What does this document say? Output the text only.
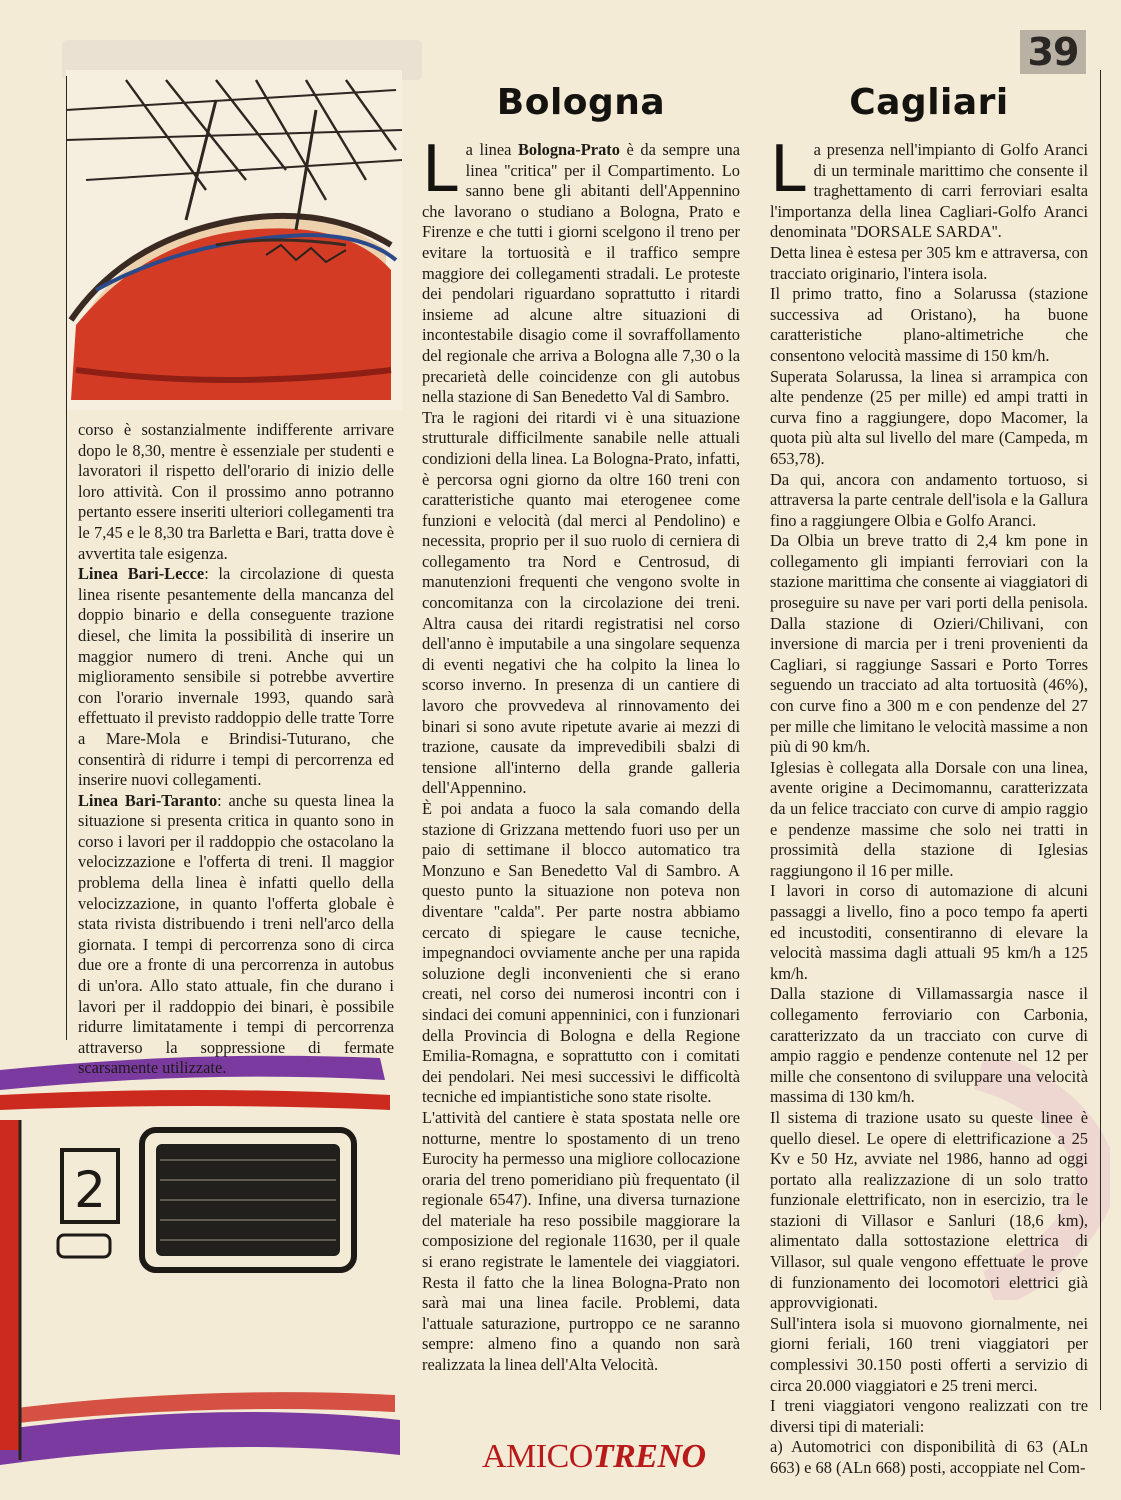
39
2

corso è sostanzialmente indifferente arrivare dopo le 8,30, mentre è essenziale per studenti e lavoratori il rispetto dell'orario di inizio delle loro attività. Con il prossimo anno potranno pertanto essere inseriti ulteriori collegamenti tra le 7,45 e le 8,30 tra Barletta e Bari, tratta dove è avvertita tale esigenza.

Linea Bari-Lecce: la circolazione di questa linea risente pesantemente della mancanza del doppio binario e della conseguente trazione diesel, che limita la possibilità di inserire un maggior numero di treni. Anche qui un miglioramento sensibile si potrebbe avvertire con l'orario invernale 1993, quando sarà effettuato il previsto raddoppio delle tratte Torre a Mare-Mola e Brindisi-Tuturano, che consentirà di ridurre i tempi di percorrenza ed inserire nuovi collegamenti.

Linea Bari-Taranto: anche su questa linea la situazione si presenta critica in quanto sono in corso i lavori per il raddoppio che ostacolano la velocizzazione e l'offerta di treni. Il maggior problema della linea è infatti quello della velocizzazione, in quanto l'offerta globale è stata rivista distribuendo i treni nell'arco della giornata. I tempi di percorrenza sono di circa due ore a fronte di una percorrenza in autobus di un'ora. Allo stato attuale, fin che durano i lavori per il raddoppio dei binari, è possibile ridurre limitatamente i tempi di percorrenza attraverso la soppressione di fermate scarsamente utilizzate.

Bologna

La linea Bologna-Prato è da sempre una linea ''critica'' per il Compartimento. Lo sanno bene gli abitanti dell'Appennino che lavorano o studiano a Bologna, Prato e Firenze e che tutti i giorni scelgono il treno per evitare la tortuosità e il traffico sempre maggiore dei collegamenti stradali. Le proteste dei pendolari riguardano soprattutto i ritardi insieme ad alcune altre situazioni di incontestabile disagio come il sovraffollamento del regionale che arriva a Bologna alle 7,30 o la precarietà delle coincidenze con gli autobus nella stazione di San Benedetto Val di Sambro.

Tra le ragioni dei ritardi vi è una situazione strutturale difficilmente sanabile nelle attuali condizioni della linea. La Bologna-Prato, infatti, è percorsa ogni giorno da oltre 160 treni con caratteristiche quanto mai eterogenee come funzioni e velocità (dal merci al Pendolino) e necessita, proprio per il suo ruolo di cerniera di collegamento tra Nord e Centrosud, di manutenzioni frequenti che vengono svolte in concomitanza con la circolazione dei treni. Altra causa dei ritardi registratisi nel corso dell'anno è imputabile a una singolare sequenza di eventi negativi che ha colpito la linea lo scorso inverno. In presenza di un cantiere di lavoro che provvedeva al rinnovamento dei binari si sono avute ripetute avarie ai mezzi di trazione, causate da imprevedibili sbalzi di tensione all'interno della grande galleria dell'Appennino.

È poi andata a fuoco la sala comando della stazione di Grizzana mettendo fuori uso per un paio di settimane il blocco automatico tra Monzuno e San Benedetto Val di Sambro. A questo punto la situazione non poteva non diventare ''calda''. Per parte nostra abbiamo cercato di spiegare le cause tecniche, impegnandoci ovviamente anche per una rapida soluzione degli inconvenienti che si erano creati, nel corso dei numerosi incontri con i sindaci dei comuni appenninici, con i funzionari della Provincia di Bologna e della Regione Emilia-Romagna, e soprattutto con i comitati dei pendolari. Nei mesi successivi le difficoltà tecniche ed impiantistiche sono state risolte.

L'attività del cantiere è stata spostata nelle ore notturne, mentre lo spostamento di un treno Eurocity ha permesso una migliore collocazione oraria del treno pomeridiano più frequentato (il regionale 6547). Infine, una diversa turnazione del materiale ha reso possibile maggiorare la composizione del regionale 11630, per il quale si erano registrate le lamentele dei viaggiatori. Resta il fatto che la linea Bologna-Prato non sarà mai una linea facile. Problemi, data l'attuale saturazione, purtroppo ce ne saranno sempre: almeno fino a quando non sarà realizzata la linea dell'Alta Velocità.

Cagliari

La presenza nell'impianto di Golfo Aranci di un terminale marittimo che consente il traghettamento di carri ferroviari esalta l'importanza della linea Cagliari-Golfo Aranci denominata ''DORSALE SARDA''.

Detta linea è estesa per 305 km e attraversa, con tracciato originario, l'intera isola.

Il primo tratto, fino a Solarussa (stazione successiva ad Oristano), ha buone caratteristiche plano-altimetriche che consentono velocità massime di 150 km/h.

Superata Solarussa, la linea si arrampica con alte pendenze (25 per mille) ed ampi tratti in curva fino a raggiungere, dopo Macomer, la quota più alta sul livello del mare (Campeda, m 653,78).

Da qui, ancora con andamento tortuoso, si attraversa la parte centrale dell'isola e la Gallura fino a raggiungere Olbia e Golfo Aranci.

Da Olbia un breve tratto di 2,4 km pone in collegamento gli impianti ferroviari con la stazione marittima che consente ai viaggiatori di proseguire su nave per vari porti della penisola. Dalla stazione di Ozieri/Chilivani, con inversione di marcia per i treni provenienti da Cagliari, si raggiunge Sassari e Porto Torres seguendo un tracciato ad alta tortuosità (46%), con curve fino a 300 m e con pendenze del 27 per mille che limitano le velocità massime a non più di 90 km/h.

Iglesias è collegata alla Dorsale con una linea, avente origine a Decimomannu, caratterizzata da un felice tracciato con curve di ampio raggio e pendenze massime che solo nei tratti in prossimità della stazione di Iglesias raggiungono il 16 per mille.

I lavori in corso di automazione di alcuni passaggi a livello, fino a poco tempo fa aperti ed incustoditi, consentiranno di elevare la velocità massima dagli attuali 95 km/h a 125 km/h.

Dalla stazione di Villamassargia nasce il collegamento ferroviario con Carbonia, caratterizzato da un tracciato con curve di ampio raggio e pendenze contenute nel 12 per mille che consentono di sviluppare una velocità massima di 130 km/h.

Il sistema di trazione usato su queste linee è quello diesel. Le opere di elettrificazione a 25 Kv e 50 Hz, avviate nel 1986, hanno ad oggi portato alla realizzazione di un solo tratto funzionale elettrificato, non in esercizio, tra le stazioni di Villasor e Sanluri (18,6 km), alimentato dalla sottostazione elettrica di Villasor, sul quale vengono effettuate le prove di funzionamento dei locomotori elettrici già approvvigionati.

Sull'intera isola si muovono giornalmente, nei giorni feriali, 160 treni viaggiatori per complessivi 30.150 posti offerti a servizio di circa 20.000 viaggiatori e 25 treni merci.

I treni viaggiatori vengono realizzati con tre diversi tipi di materiali:

a) Automotrici con disponibilità di 63 (ALn 663) e 68 (ALn 668) posti, accoppiate nel Com-

AMICOTRENO
